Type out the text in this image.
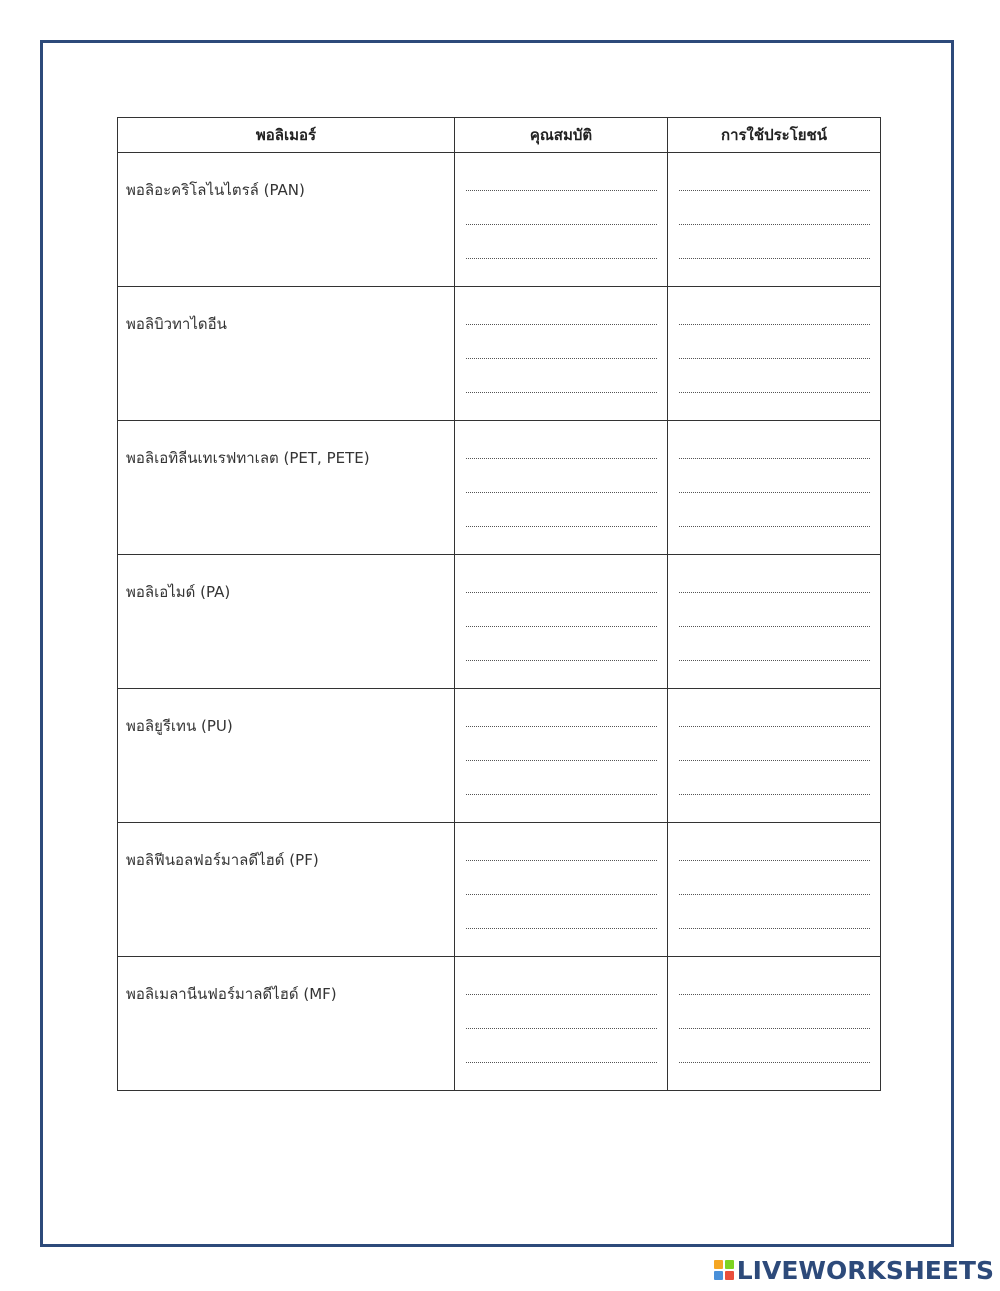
พอลิเมอร์	คุณสมบัติ	การใช้ประโยชน์

พอลิอะคริโลไนไตรล์ (PAN)		

พอลิบิวทาไดอีน		

พอลิเอทิลีนเทเรฟทาเลต (PET, PETE)		

พอลิเอไมด์ (PA)		

พอลิยูรีเทน (PU)		

พอลิฟีนอลฟอร์มาลดีไฮด์ (PF)		

พอลิเมลานีนฟอร์มาลดีไฮด์ (MF)		

LIVEWORKSHEETS
